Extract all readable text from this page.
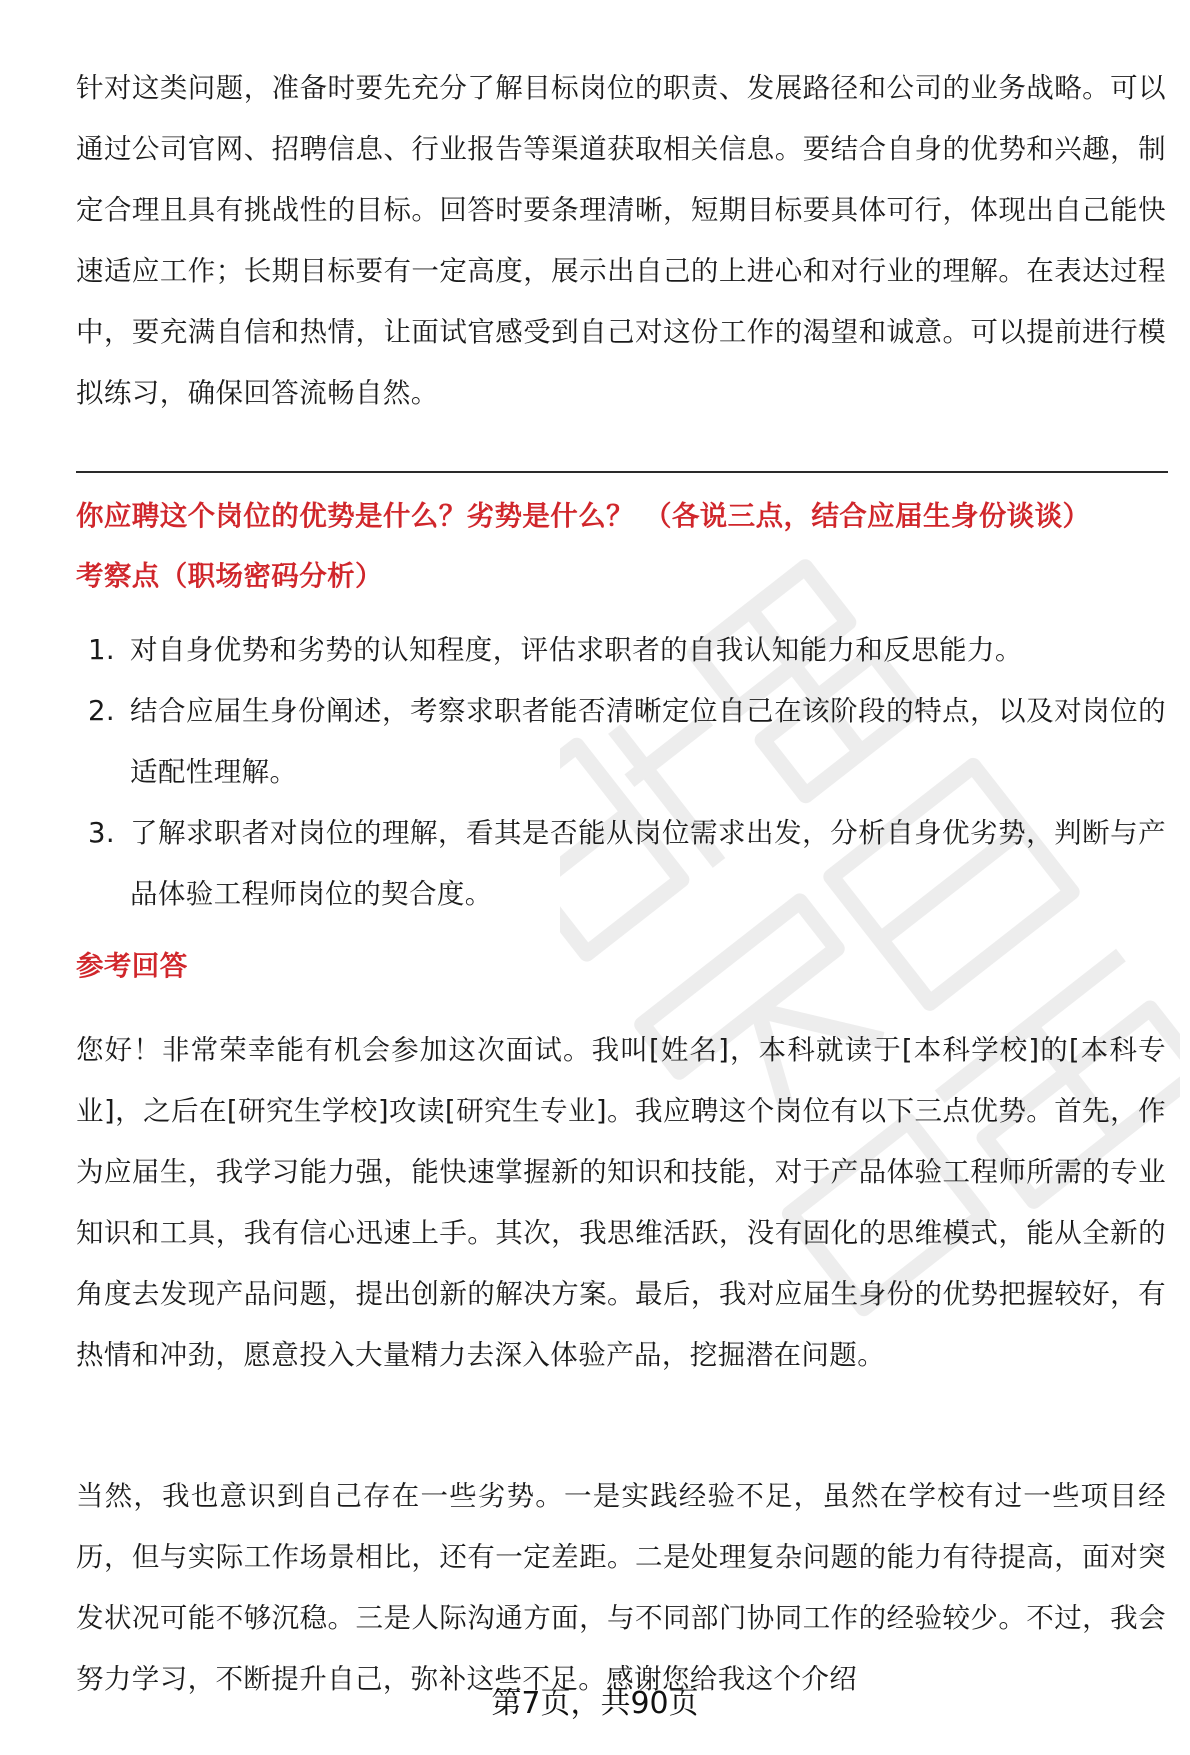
针对这类问题，准备时要先充分了解目标岗位的职责、发展路径和公司的业务战略。可以通过公司官网、招聘信息、行业报告等渠道获取相关信息。要结合自身的优势和兴趣，制定合理且具有挑战性的目标。回答时要条理清晰，短期目标要具体可行，体现出自己能快速适应工作；长期目标要有一定高度，展示出自己的上进心和对行业的理解。在表达过程中，要充满自信和热情，让面试官感受到自己对这份工作的渴望和诚意。可以提前进行模拟练习，确保回答流畅自然。

你应聘这个岗位的优势是什么？劣势是什么？ （各说三点，结合应届生身份谈谈）

考察点（职场密码分析）

1. 对自身优势和劣势的认知程度，评估求职者的自我认知能力和反思能力。
2. 结合应届生身份阐述，考察求职者能否清晰定位自己在该阶段的特点，以及对岗位的适配性理解。
3. 了解求职者对岗位的理解，看其是否能从岗位需求出发，分析自身优劣势，判断与产品体验工程师岗位的契合度。

参考回答

您好！非常荣幸能有机会参加这次面试。我叫[姓名]，本科就读于[本科学校]的[本科专业]，之后在[研究生学校]攻读[研究生专业]。我应聘这个岗位有以下三点优势。首先，作为应届生，我学习能力强，能快速掌握新的知识和技能，对于产品体验工程师所需的专业知识和工具，我有信心迅速上手。其次，我思维活跃，没有固化的思维模式，能从全新的角度去发现产品问题，提出创新的解决方案。最后，我对应届生身份的优势把握较好，有热情和冲劲，愿意投入大量精力去深入体验产品，挖掘潜在问题。

当然，我也意识到自己存在一些劣势。一是实践经验不足，虽然在学校有过一些项目经历，但与实际工作场景相比，还有一定差距。二是处理复杂问题的能力有待提高，面对突发状况可能不够沉稳。三是人际沟通方面，与不同部门协同工作的经验较少。不过，我会努力学习，不断提升自己，弥补这些不足。感谢您给我这个介绍

第7页，共90页
